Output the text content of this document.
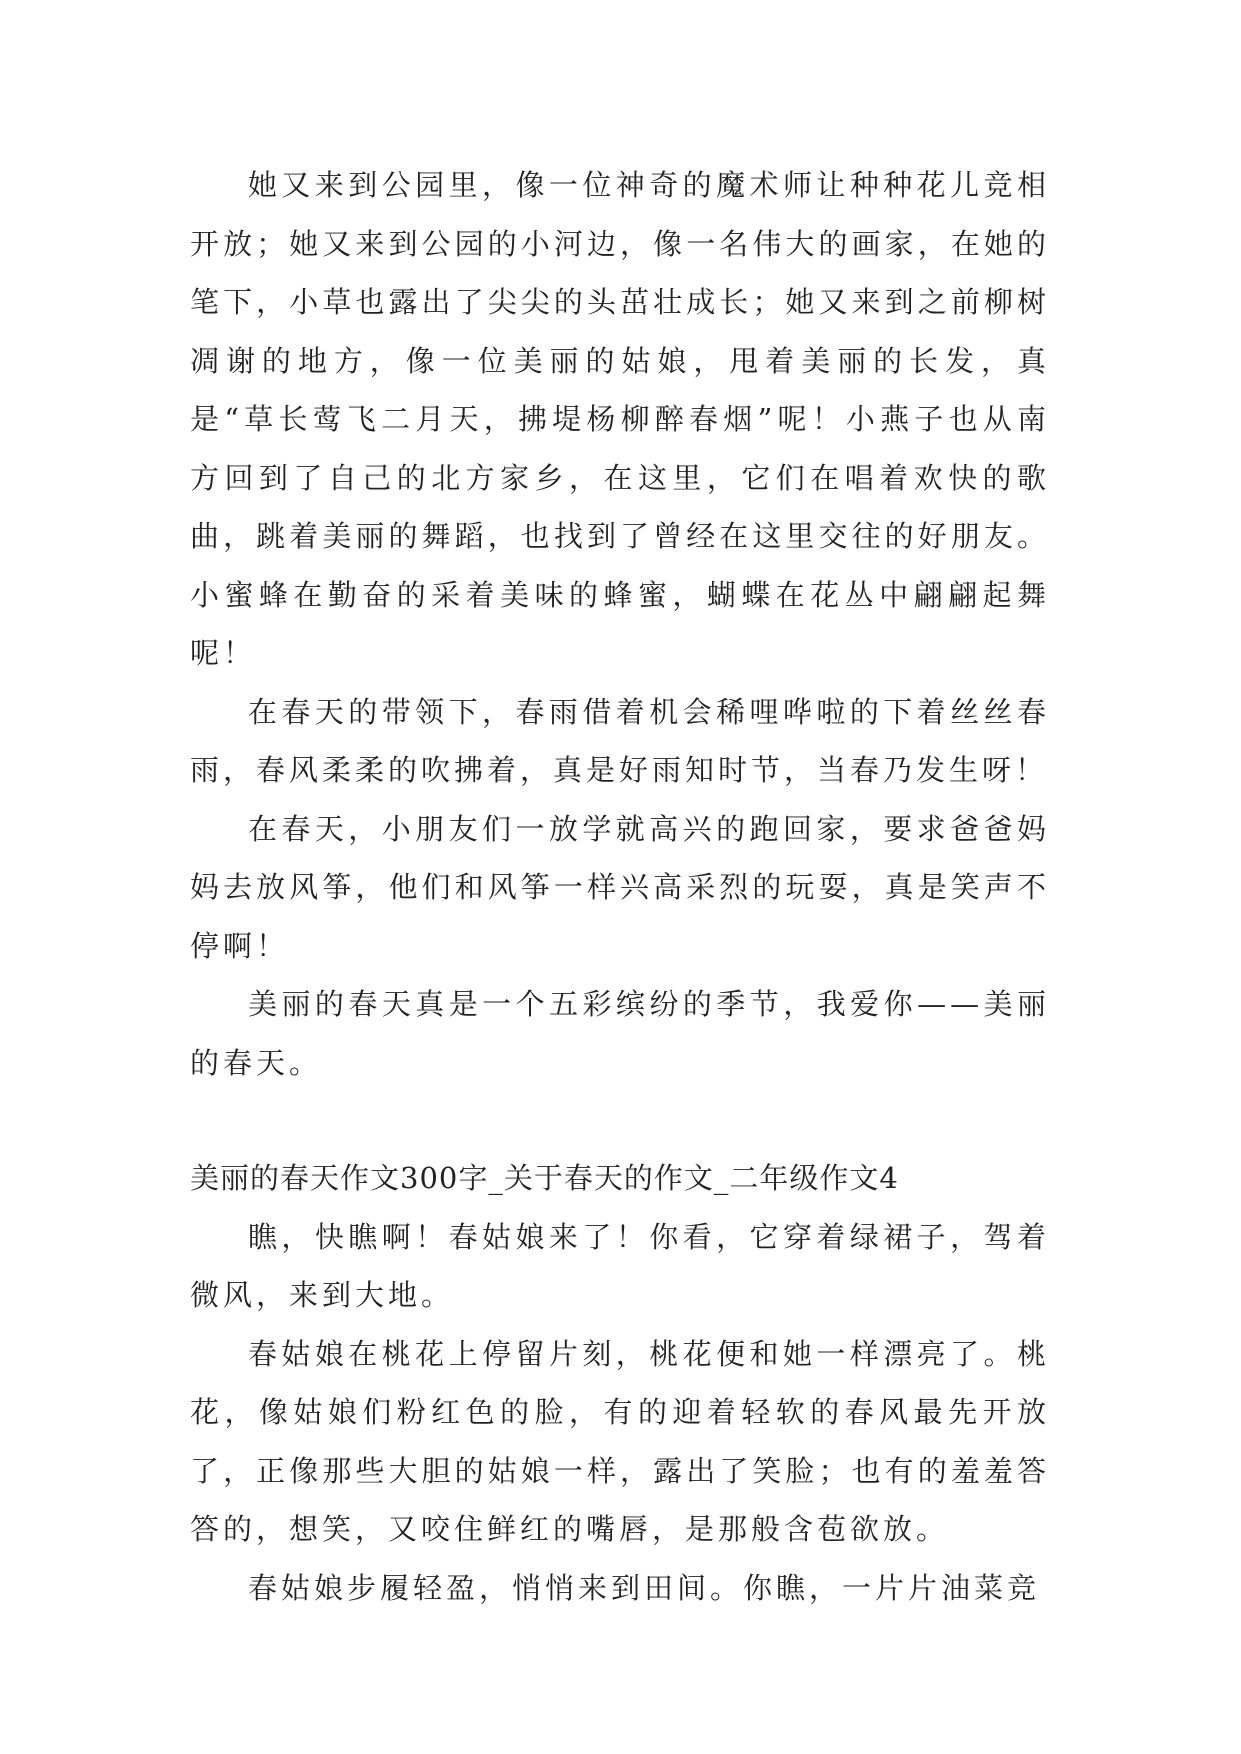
她又来到公园里，像一位神奇的魔术师让种种花儿竞相开放；她又来到公园的小河边，像一名伟大的画家，在她的笔下，小草也露出了尖尖的头茁壮成长；她又来到之前柳树凋谢的地方，像一位美丽的姑娘，甩着美丽的长发，真是“草长莺飞二月天，拂堤杨柳醉春烟”呢！小燕子也从南方回到了自己的北方家乡，在这里，它们在唱着欢快的歌曲，跳着美丽的舞蹈，也找到了曾经在这里交往的好朋友。小蜜蜂在勤奋的采着美味的蜂蜜，蝴蝶在花丛中翩翩起舞呢！

在春天的带领下，春雨借着机会稀哩哗啦的下着丝丝春雨，春风柔柔的吹拂着，真是好雨知时节，当春乃发生呀！

在春天，小朋友们一放学就高兴的跑回家，要求爸爸妈妈去放风筝，他们和风筝一样兴高采烈的玩耍，真是笑声不停啊！

美丽的春天真是一个五彩缤纷的季节，我爱你——美丽的春天。

美丽的春天作文300字_关于春天的作文_二年级作文4

瞧，快瞧啊！春姑娘来了！你看，它穿着绿裙子，驾着微风，来到大地。

春姑娘在桃花上停留片刻，桃花便和她一样漂亮了。桃花，像姑娘们粉红色的脸，有的迎着轻软的春风最先开放了，正像那些大胆的姑娘一样，露出了笑脸；也有的羞羞答答的，想笑，又咬住鲜红的嘴唇，是那般含苞欲放。

春姑娘步履轻盈，悄悄来到田间。你瞧，一片片油菜竞
